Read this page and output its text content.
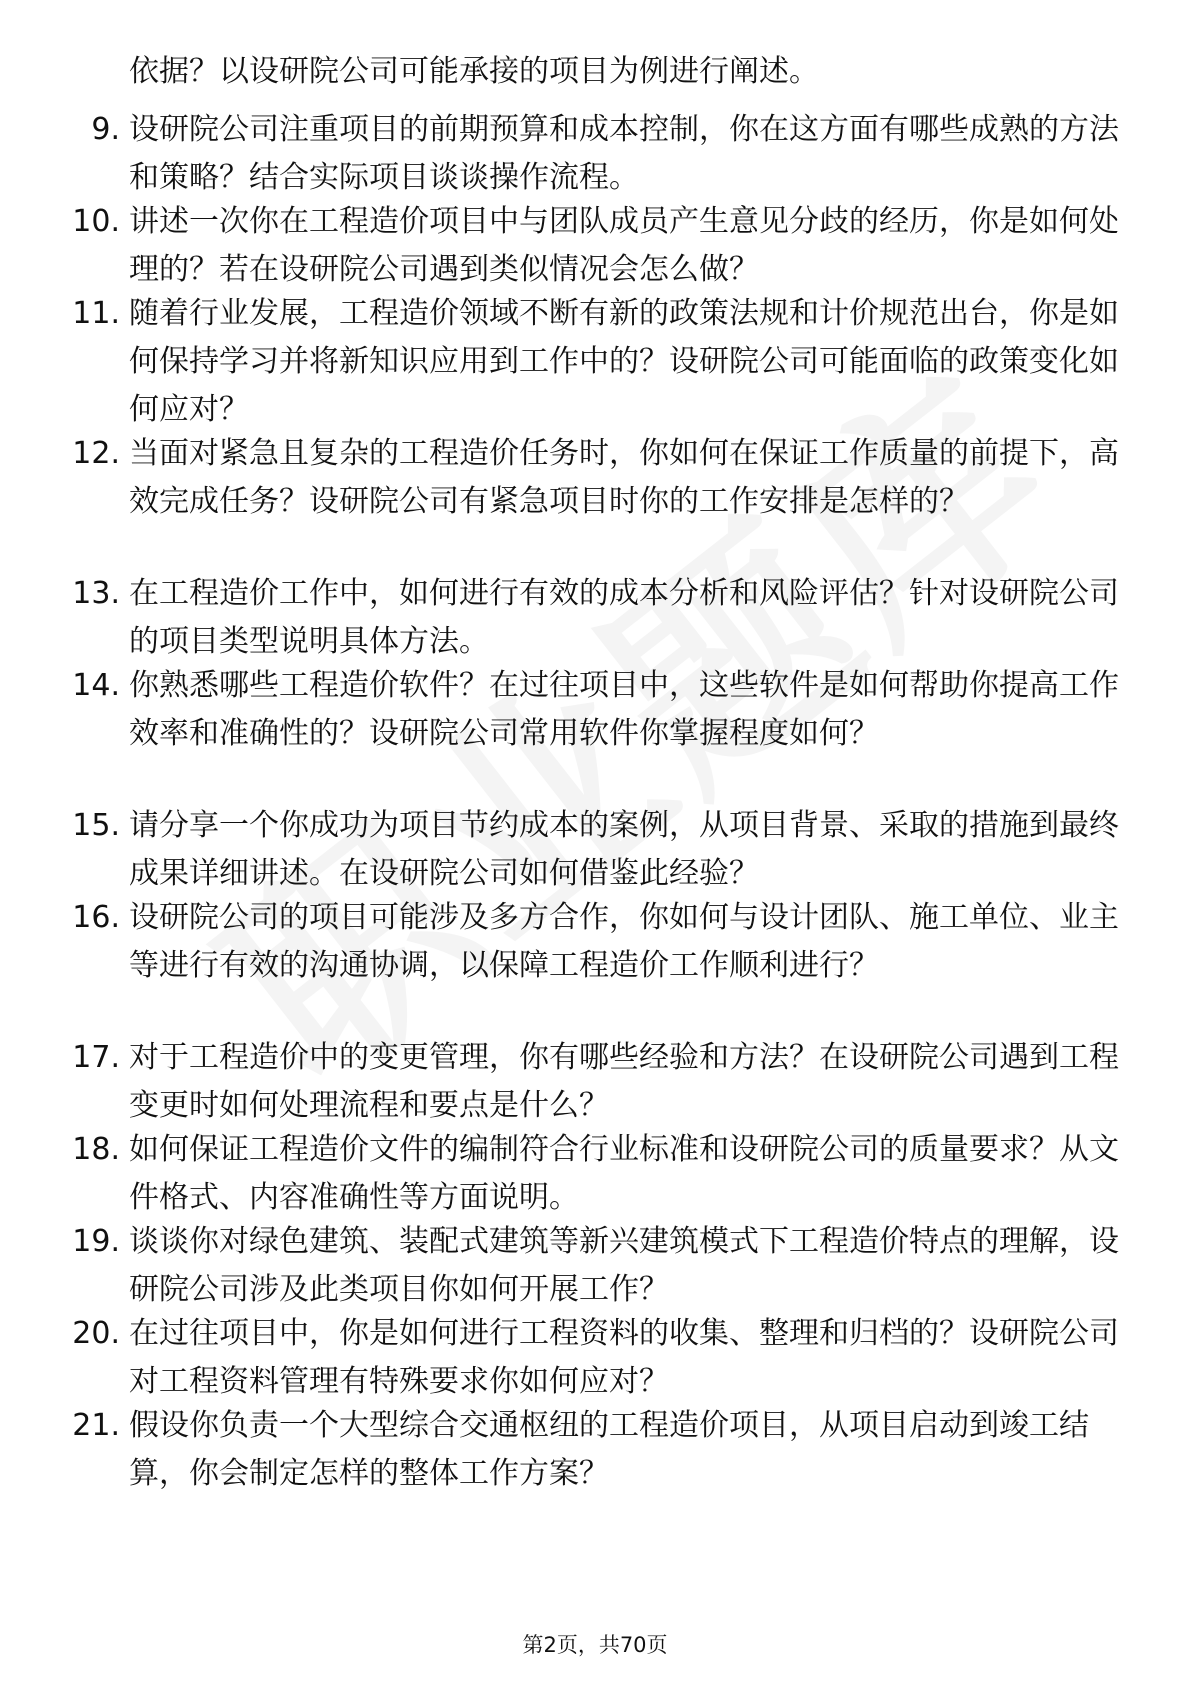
依据？以设研院公司可能承接的项目为例进行阐述。
9. 设研院公司注重项目的前期预算和成本控制，你在这方面有哪些成熟的方法和策略？结合实际项目谈谈操作流程。
10. 讲述一次你在工程造价项目中与团队成员产生意见分歧的经历，你是如何处理的？若在设研院公司遇到类似情况会怎么做？
11. 随着行业发展，工程造价领域不断有新的政策法规和计价规范出台，你是如何保持学习并将新知识应用到工作中的？设研院公司可能面临的政策变化如何应对？
12. 当面对紧急且复杂的工程造价任务时，你如何在保证工作质量的前提下，高效完成任务？设研院公司有紧急项目时你的工作安排是怎样的？
13. 在工程造价工作中，如何进行有效的成本分析和风险评估？针对设研院公司的项目类型说明具体方法。
14. 你熟悉哪些工程造价软件？在过往项目中，这些软件是如何帮助你提高工作效率和准确性的？设研院公司常用软件你掌握程度如何？
15. 请分享一个你成功为项目节约成本的案例，从项目背景、采取的措施到最终成果详细讲述。在设研院公司如何借鉴此经验？
16. 设研院公司的项目可能涉及多方合作，你如何与设计团队、施工单位、业主等进行有效的沟通协调，以保障工程造价工作顺利进行？
17. 对于工程造价中的变更管理，你有哪些经验和方法？在设研院公司遇到工程变更时如何处理流程和要点是什么？
18. 如何保证工程造价文件的编制符合行业标准和设研院公司的质量要求？从文件格式、内容准确性等方面说明。
19. 谈谈你对绿色建筑、装配式建筑等新兴建筑模式下工程造价特点的理解，设研院公司涉及此类项目你如何开展工作？
20. 在过往项目中，你是如何进行工程资料的收集、整理和归档的？设研院公司对工程资料管理有特殊要求你如何应对？
21. 假设你负责一个大型综合交通枢纽的工程造价项目，从项目启动到竣工结算，你会制定怎样的整体工作方案？
第2页，共70页
